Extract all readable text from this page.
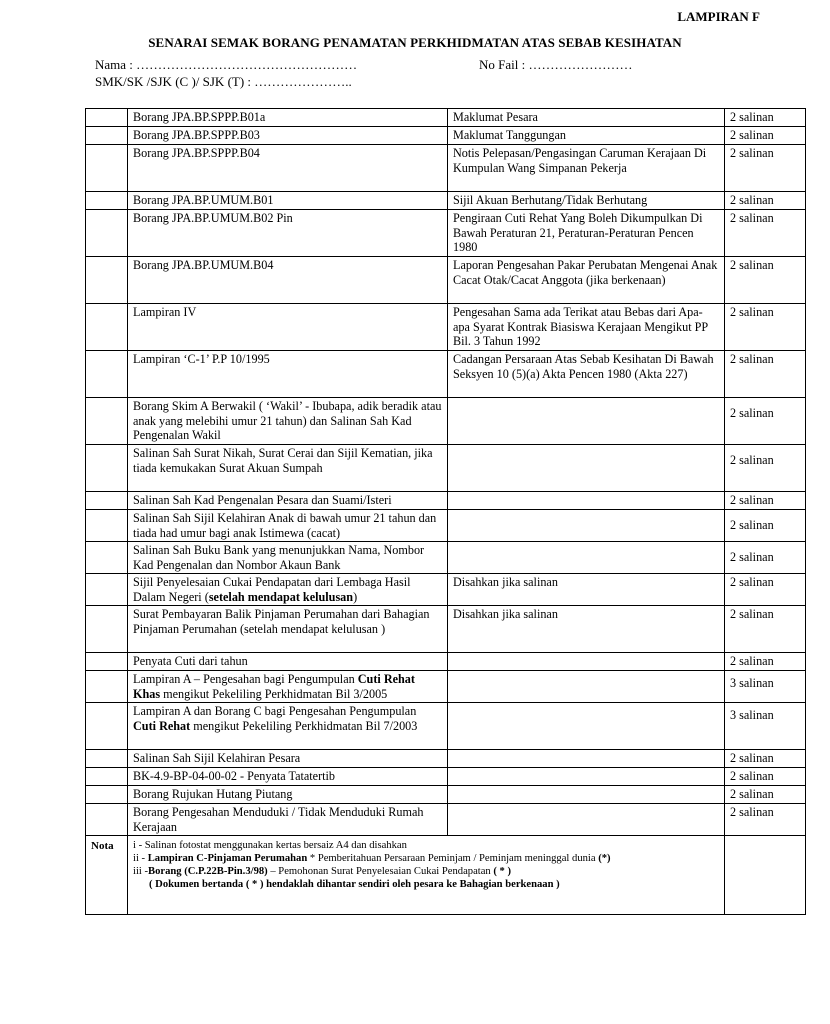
LAMPIRAN F
SENARAI SEMAK BORANG PENAMATAN PERKHIDMATAN ATAS SEBAB KESIHATAN
Nama : ……………………………………………	No Fail : ……………………
SMK/SK /SJK (C )/ SJK (T) : …………………..
	Borang JPA.BP.SPPP.B01a	Maklumat Pesara	2 salinan
	Borang JPA.BP.SPPP.B03	Maklumat Tanggungan	2 salinan
	Borang JPA.BP.SPPP.B04	Notis Pelepasan/Pengasingan Caruman Kerajaan Di Kumpulan Wang Simpanan Pekerja	2 salinan
	Borang JPA.BP.UMUM.B01	Sijil Akuan Berhutang/Tidak Berhutang	2 salinan
	Borang JPA.BP.UMUM.B02 Pin	Pengiraan Cuti Rehat Yang Boleh Dikumpulkan Di Bawah Peraturan 21, Peraturan-Peraturan Pencen 1980	2 salinan
	Borang JPA.BP.UMUM.B04	Laporan Pengesahan Pakar Perubatan Mengenai Anak Cacat Otak/Cacat Anggota (jika berkenaan)	2 salinan
	Lampiran IV	Pengesahan Sama ada Terikat atau Bebas dari Apa-apa Syarat Kontrak Biasiswa Kerajaan Mengikut PP Bil. 3 Tahun 1992	2 salinan
	Lampiran ‘C-1’ P.P 10/1995	Cadangan Persaraan Atas Sebab Kesihatan Di Bawah Seksyen 10 (5)(a) Akta Pencen 1980 (Akta 227)	2 salinan
	Borang Skim A Berwakil ( ‘Wakil’ - Ibubapa, adik beradik atau anak yang melebihi umur 21 tahun) dan Salinan Sah Kad Pengenalan Wakil		2 salinan
	Salinan Sah Surat Nikah, Surat Cerai dan Sijil Kematian, jika tiada kemukakan Surat Akuan Sumpah		2 salinan
	Salinan Sah Kad Pengenalan Pesara dan Suami/Isteri		2 salinan
	Salinan Sah Sijil Kelahiran Anak di bawah umur 21 tahun dan tiada had umur bagi anak Istimewa (cacat)		2 salinan
	Salinan Sah Buku Bank yang menunjukkan Nama, Nombor Kad Pengenalan dan Nombor Akaun Bank		2 salinan
	Sijil Penyelesaian Cukai Pendapatan dari Lembaga Hasil Dalam Negeri (setelah mendapat kelulusan)	Disahkan jika salinan	2 salinan
	Surat Pembayaran Balik Pinjaman Perumahan dari Bahagian Pinjaman Perumahan (setelah mendapat kelulusan )	Disahkan jika salinan	2 salinan
	Penyata Cuti dari tahun		2 salinan
	Lampiran A – Pengesahan bagi Pengumpulan Cuti Rehat Khas mengikut Pekeliling Perkhidmatan Bil 3/2005		3 salinan
	Lampiran A dan Borang C bagi Pengesahan Pengumpulan Cuti Rehat mengikut Pekeliling Perkhidmatan Bil 7/2003		3 salinan
	Salinan Sah Sijil Kelahiran Pesara		2 salinan
	BK-4.9-BP-04-00-02 - Penyata Tatatertib		2 salinan
	Borang Rujukan Hutang Piutang		2 salinan
	Borang Pengesahan Menduduki / Tidak Menduduki Rumah Kerajaan		2 salinan
Nota	i - Salinan fotostat menggunakan kertas bersaiz A4 dan disahkan
ii - Lampiran C-Pinjaman Perumahan * Pemberitahuan Persaraan Peminjam / Peminjam meninggal dunia (*)
iii -Borang (C.P.22B-Pin.3/98) – Pemohonan Surat Penyelesaian Cukai Pendapatan ( * )
( Dokumen bertanda ( * ) hendaklah dihantar sendiri oleh pesara ke Bahagian berkenaan )		
